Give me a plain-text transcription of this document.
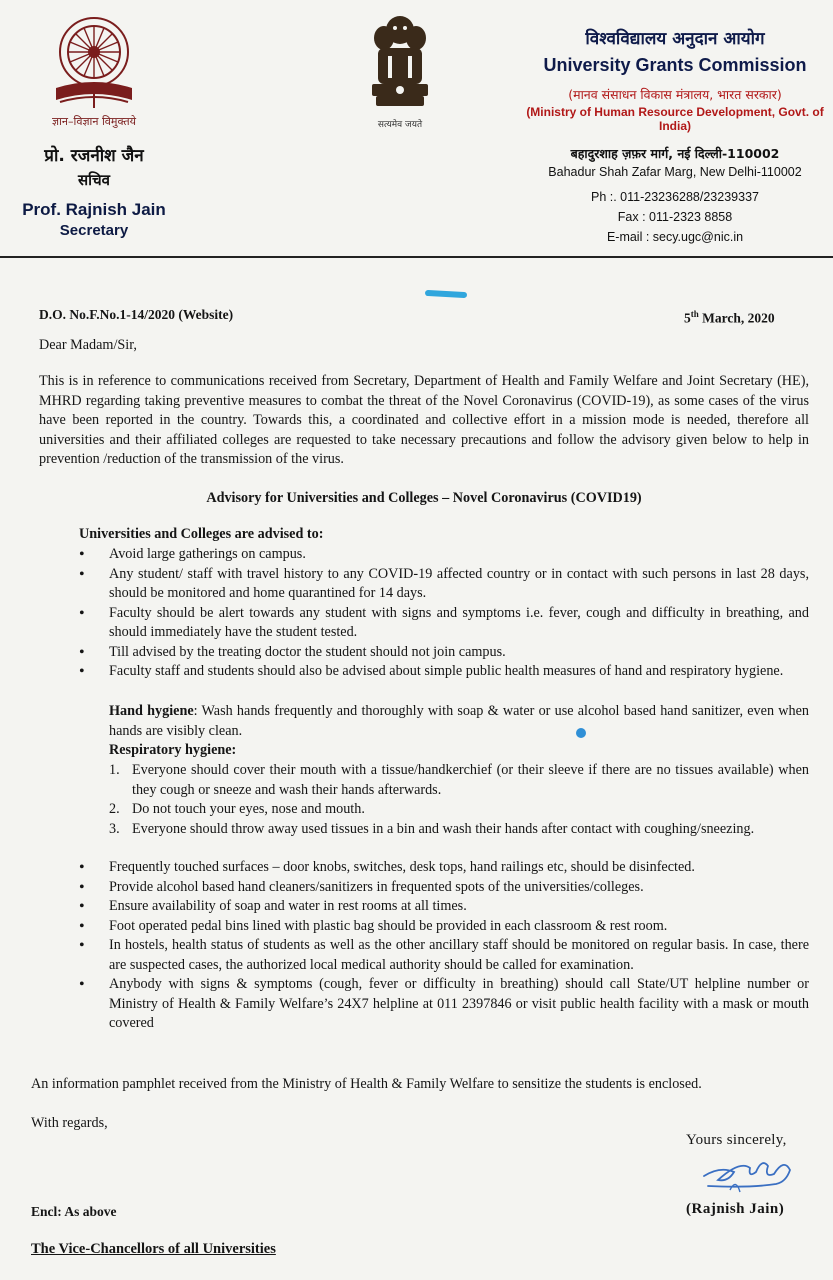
ज्ञान–विज्ञान विमुक्तये
प्रो. रजनीश जैन
सचिव
Prof. Rajnish Jain
Secretary
सत्यमेव जयते
विश्वविद्यालय अनुदान आयोग
University Grants Commission
(मानव संसाधन विकास मंत्रालय, भारत सरकार)
(Ministry of Human Resource Development, Govt. of India)
बहादुरशाह ज़फ़र मार्ग, नई दिल्ली-110002
Bahadur Shah Zafar Marg, New Delhi-110002
Ph :. 011-23236288/23239337
Fax : 011-2323 8858
E-mail : secy.ugc@nic.in
D.O. No.F.No.1-14/2020 (Website)	5th March, 2020
Dear Madam/Sir,
This is in reference to communications received from Secretary, Department of Health and Family Welfare and Joint Secretary (HE), MHRD regarding taking preventive measures to combat the threat of the Novel Coronavirus (COVID-19), as some cases of the virus have been reported in the country. Towards this, a coordinated and collective effort in a mission mode is needed, therefore all universities and their affiliated colleges are requested to take necessary precautions and follow the advisory given below to help in prevention /reduction of the transmission of the virus.
Advisory for Universities and Colleges – Novel Coronavirus (COVID19)
Universities and Colleges are advised to:
• Avoid large gatherings on campus.
• Any student/ staff with travel history to any COVID-19 affected country or in contact with such persons in last 28 days, should be monitored and home quarantined for 14 days.
• Faculty should be alert towards any student with signs and symptoms i.e. fever, cough and difficulty in breathing, and should immediately have the student tested.
• Till advised by the treating doctor the student should not join campus.
• Faculty staff and students should also be advised about simple public health measures of hand and respiratory hygiene.
Hand hygiene: Wash hands frequently and thoroughly with soap & water or use alcohol based hand sanitizer, even when hands are visibly clean.
Respiratory hygiene:
1. Everyone should cover their mouth with a tissue/handkerchief (or their sleeve if there are no tissues available) when they cough or sneeze and wash their hands afterwards.
2. Do not touch your eyes, nose and mouth.
3. Everyone should throw away used tissues in a bin and wash their hands after contact with coughing/sneezing.
• Frequently touched surfaces – door knobs, switches, desk tops, hand railings etc, should be disinfected.
• Provide alcohol based hand cleaners/sanitizers in frequented spots of the universities/colleges.
• Ensure availability of soap and water in rest rooms at all times.
• Foot operated pedal bins lined with plastic bag should be provided in each classroom & rest room.
• In hostels, health status of students as well as the other ancillary staff should be monitored on regular basis. In case, there are suspected cases, the authorized local medical authority should be called for examination.
• Anybody with signs & symptoms (cough, fever or difficulty in breathing) should call State/UT helpline number or Ministry of Health & Family Welfare’s 24X7 helpline at 011 2397846 or visit public health facility with a mask or mouth covered
An information pamphlet received from the Ministry of Health & Family Welfare to sensitize the students is enclosed.
With regards,
Yours sincerely,
(Rajnish Jain)
Encl: As above
The Vice-Chancellors of all Universities
